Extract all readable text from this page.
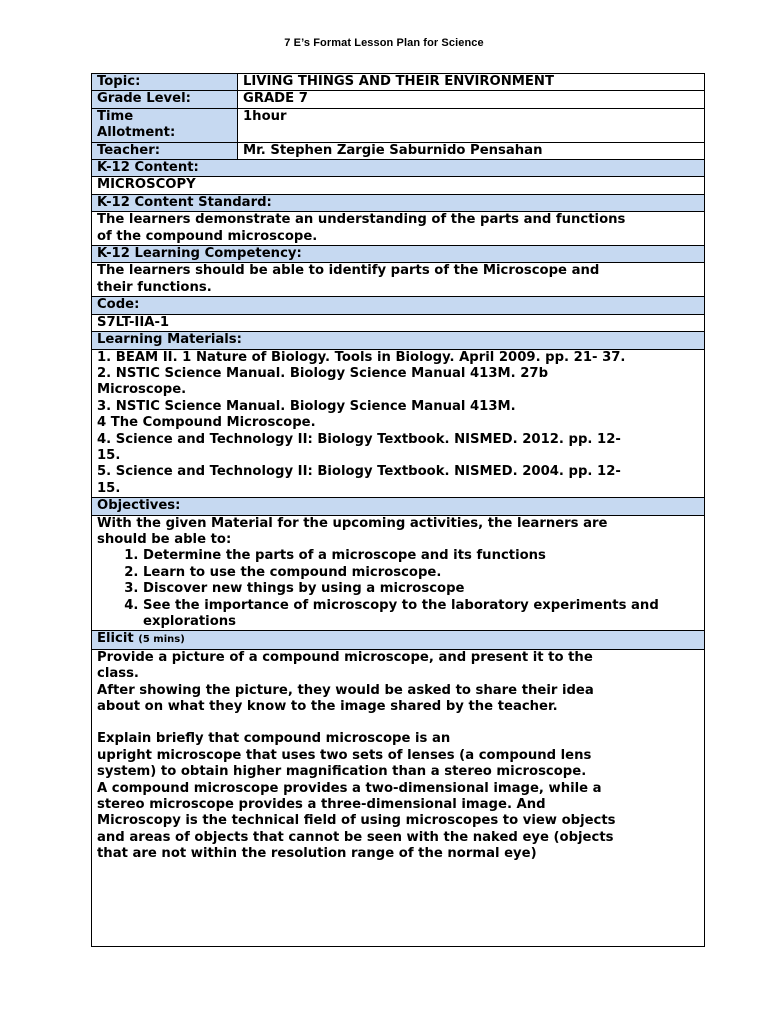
7 E’s Format Lesson Plan for Science
Topic:	LIVING THINGS AND THEIR ENVIRONMENT
Grade Level:	GRADE 7
Time
Allotment:
1hour
Teacher:	Mr. Stephen Zargie Saburnido Pensahan
K-12 Content:
MICROSCOPY
K-12 Content Standard:
The learners demonstrate an understanding of the parts and functions
of the compound microscope.
K-12 Learning Competency:
The learners should be able to identify parts of the Microscope and
their functions.
Code:
S7LT-IIA-1
Learning Materials:
1. BEAM II. 1 Nature of Biology. Tools in Biology. April 2009. pp. 21- 37.
2. NSTIC Science Manual. Biology Science Manual 413M. 27b
Microscope.
3. NSTIC Science Manual. Biology Science Manual 413M.
4 The Compound Microscope.
4. Science and Technology II: Biology Textbook. NISMED. 2012. pp. 12-
15.
5. Science and Technology II: Biology Textbook. NISMED. 2004. pp. 12-
15.
Objectives:
With the given Material for the upcoming activities, the learners are
should be able to:
1. Determine the parts of a microscope and its functions
2. Learn to use the compound microscope.
3. Discover new things by using a microscope
4. See the importance of microscopy to the laboratory experiments and explorations
Elicit (5 mins)
Provide a picture of a compound microscope, and present it to the
class.
After showing the picture, they would be asked to share their idea
about on what they know to the image shared by the teacher.
Explain briefly that compound microscope is an
upright microscope that uses two sets of lenses (a compound lens
system) to obtain higher magnification than a stereo microscope.
A compound microscope provides a two-dimensional image, while a
stereo microscope provides a three-dimensional image. And
Microscopy is the technical field of using microscopes to view objects
and areas of objects that cannot be seen with the naked eye (objects
that are not within the resolution range of the normal eye)
